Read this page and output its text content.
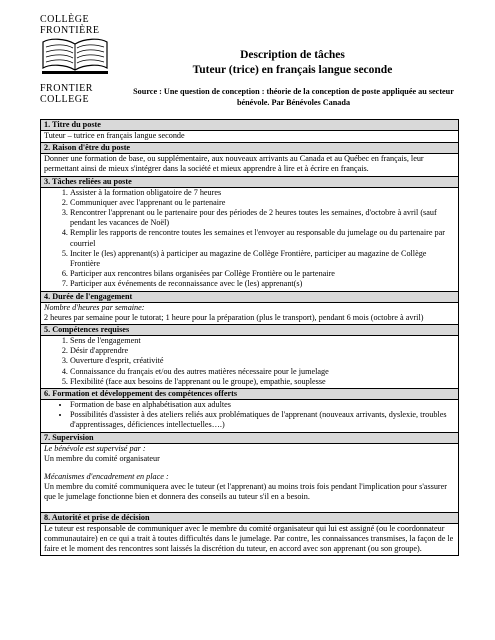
COLLÈGE
FRONTIÈRE
FRONTIER
COLLEGE
Description de tâches
Tuteur (trice) en français langue seconde
Source : Une question de conception : théorie de la conception de poste appliquée au secteur bénévole. Par Bénévoles Canada
1. Titre du poste

Tuteur – tutrice en français langue seconde

2. Raison d'être du poste

Donner une formation de base, ou supplémentaire, aux nouveaux arrivants au Canada et au Québec en français, leur permettant ainsi de mieux s'intégrer dans la société et mieux apprendre à lire et à écrire en français.

3. Tâches reliées au poste
1. Assister à la formation obligatoire de 7 heures
2. Communiquer avec l'apprenant ou le partenaire
3. Rencontrer l'apprenant ou le partenaire pour des périodes de 2 heures toutes les semaines, d'octobre à avril (sauf pendant les vacances de Noël)
4. Remplir les rapports de rencontre toutes les semaines et l'envoyer au responsable du jumelage ou du partenaire par courriel
5. Inciter le (les) apprenant(s) à participer au magazine de Collège Frontière, participer au magazine de Collège Frontière
6. Participer aux rencontres bilans organisées par Collège Frontière ou le partenaire
7. Participer aux événements de reconnaissance avec le (les) apprenant(s)
4. Durée de l'engagement

Nombre d'heures par semaine:

2 heures par semaine pour le tutorat; 1 heure pour la préparation (plus le transport), pendant 6 mois (octobre à avril)

5. Compétences requises
1. Sens de l'engagement
2. Désir d'apprendre
3. Ouverture d'esprit, créativité
4. Connaissance du français et/ou des autres matières nécessaire pour le jumelage
5. Flexibilité (face aux besoins de l'apprenant ou le groupe), empathie, souplesse
6. Formation et développement des compétences offerts
• Formation de base en alphabétisation aux adultes
• Possibilités d'assister à des ateliers reliés aux problématiques de l'apprenant (nouveaux arrivants, dyslexie, troubles d'apprentissages, déficiences intellectuelles….)
7. Supervision

Le bénévole est supervisé par :

Un membre du comité organisateur

Mécanismes d'encadrement en place :

Un membre du comité communiquera avec le tuteur (et l'apprenant) au moins trois fois pendant l'implication pour s'assurer que le jumelage fonctionne bien et donnera des conseils au tuteur s'il en a besoin.

8. Autorité et prise de décision

Le tuteur est responsable de communiquer avec le membre du comité organisateur qui lui est assigné (ou le coordonnateur communautaire) en ce qui a trait à toutes difficultés dans le jumelage. Par contre, les connaissances transmises, la façon de le faire et le moment des rencontres sont laissés la discrétion du tuteur, en accord avec son apprenant (ou son groupe).
